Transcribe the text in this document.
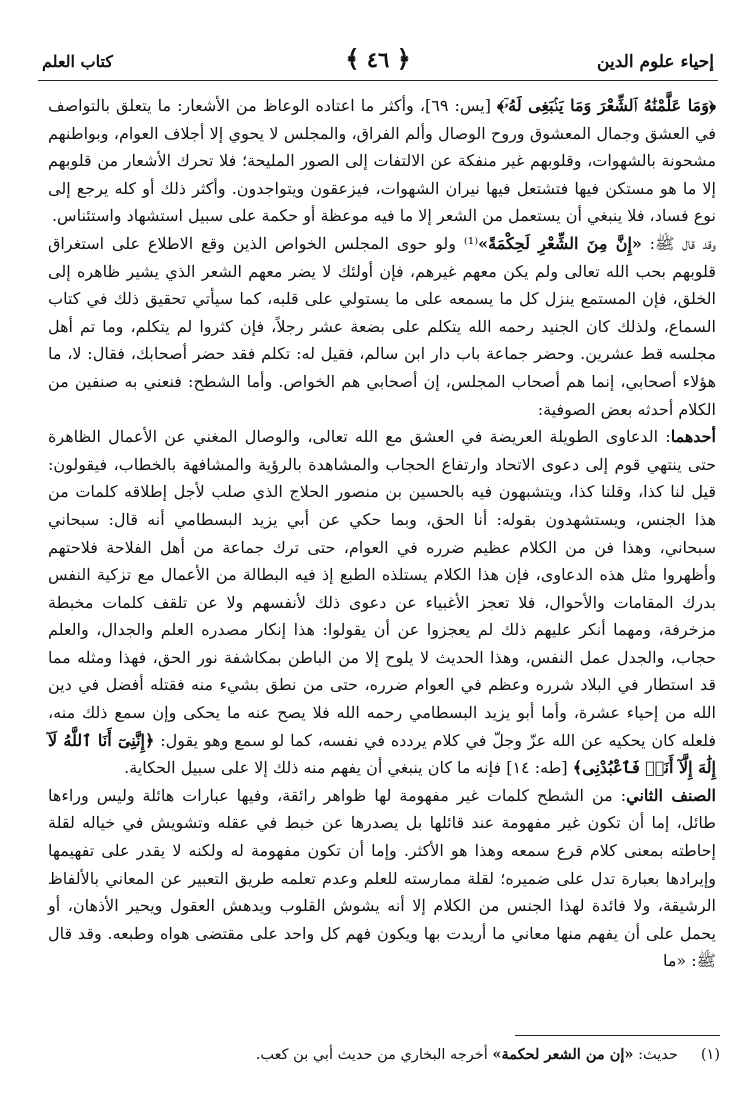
إحياء علوم الدين
﴿ ٤٦ ﴾
كتاب العلم

﴿وَمَا عَلَّمْنَٰهُ ٱلشِّعْرَ وَمَا يَنۢبَغِى لَهُۥٓ﴾ [يس: ٦٩]، وأكثر ما اعتاده الوعاظ من الأشعار: ما يتعلق بالتواصف في العشق وجمال المعشوق وروح الوصال وألم الفراق، والمجلس لا يحوي إلا أجلاف العوام، وبواطنهم مشحونة بالشهوات، وقلوبهم غير منفكة عن الالتفات إلى الصور المليحة؛ فلا تحرك الأشعار من قلوبهم إلا ما هو مستكن فيها فتشتعل فيها نيران الشهوات، فيزعقون ويتواجدون. وأكثر ذلك أو كله يرجع إلى نوع فساد، فلا ينبغي أن يستعمل من الشعر إلا ما فيه موعظة أو حكمة على سبيل استشهاد واستئناس.

وقد قال ﷺ: «إِنَّ مِنَ الشِّعْرِ لَحِكْمَةً»⁽¹⁾ ولو حوى المجلس الخواص الذين وقع الاطلاع على استغراق قلوبهم بحب الله تعالى ولم يكن معهم غيرهم، فإن أولئك لا يضر معهم الشعر الذي يشير ظاهره إلى الخلق، فإن المستمع ينزل كل ما يسمعه على ما يستولي على قلبه، كما سيأتي تحقيق ذلك في كتاب السماع، ولذلك كان الجنيد رحمه الله يتكلم على بضعة عشر رجلاً، فإن كثروا لم يتكلم، وما تم أهل مجلسه قط عشرين. وحضر جماعة باب دار ابن سالم، فقيل له: تكلم فقد حضر أصحابك، فقال: لا، ما هؤلاء أصحابي، إنما هم أصحاب المجلس، إن أصحابي هم الخواص. وأما الشطح: فنعني به صنفين من الكلام أحدثه بعض الصوفية:

أحدهما: الدعاوى الطويلة العريضة في العشق مع الله تعالى، والوصال المغني عن الأعمال الظاهرة حتى ينتهي قوم إلى دعوى الاتحاد وارتفاع الحجاب والمشاهدة بالرؤية والمشافهة بالخطاب، فيقولون: قيل لنا كذا، وقلنا كذا، ويتشبهون فيه بالحسين بن منصور الحلاج الذي صلب لأجل إطلاقه كلمات من هذا الجنس، ويستشهدون بقوله: أنا الحق، وبما حكي عن أبي يزيد البسطامي أنه قال: سبحاني سبحاني، وهذا فن من الكلام عظيم ضرره في العوام، حتى ترك جماعة من أهل الفلاحة فلاحتهم وأظهروا مثل هذه الدعاوى، فإن هذا الكلام يستلذه الطبع إذ فيه البطالة من الأعمال مع تزكية النفس بدرك المقامات والأحوال، فلا تعجز الأغبياء عن دعوى ذلك لأنفسهم ولا عن تلقف كلمات مخبطة مزخرفة، ومهما أنكر عليهم ذلك لم يعجزوا عن أن يقولوا: هذا إنكار مصدره العلم والجدال، والعلم حجاب، والجدل عمل النفس، وهذا الحديث لا يلوح إلا من الباطن بمكاشفة نور الحق، فهذا ومثله مما قد استطار في البلاد شرره وعظم في العوام ضرره، حتى من نطق بشيء منه فقتله أفضل في دين الله من إحياء عشرة، وأما أبو يزيد البسطامي رحمه الله فلا يصح عنه ما يحكى وإن سمع ذلك منه، فلعله كان يحكيه عن الله عزّ وجلّ في كلام يردده في نفسه، كما لو سمع وهو يقول: ﴿إِنَّنِىٓ أَنَا ٱللَّهُ لَآ إِلَٰهَ إِلَّآ أَنَا۠ فَٱعْبُدْنِى﴾ [طه: ١٤] فإنه ما كان ينبغي أن يفهم منه ذلك إلا على سبيل الحكاية.

الصنف الثاني: من الشطح كلمات غير مفهومة لها ظواهر رائقة، وفيها عبارات هائلة وليس وراءها طائل، إما أن تكون غير مفهومة عند قائلها بل يصدرها عن خبط في عقله وتشويش في خياله لقلة إحاطته بمعنى كلام قرع سمعه وهذا هو الأكثر. وإما أن تكون مفهومة له ولكنه لا يقدر على تفهيمها وإيرادها بعبارة تدل على ضميره؛ لقلة ممارسته للعلم وعدم تعلمه طريق التعبير عن المعاني بالألفاظ الرشيقة، ولا فائدة لهذا الجنس من الكلام إلا أنه يشوش القلوب ويدهش العقول ويحير الأذهان، أو يحمل على أن يفهم منها معاني ما أريدت بها ويكون فهم كل واحد على مقتضى هواه وطبعه. وقد قال ﷺ: «ما

(١)     حديث: «إن من الشعر لحكمة» أخرجه البخاري من حديث أبي بن كعب.
